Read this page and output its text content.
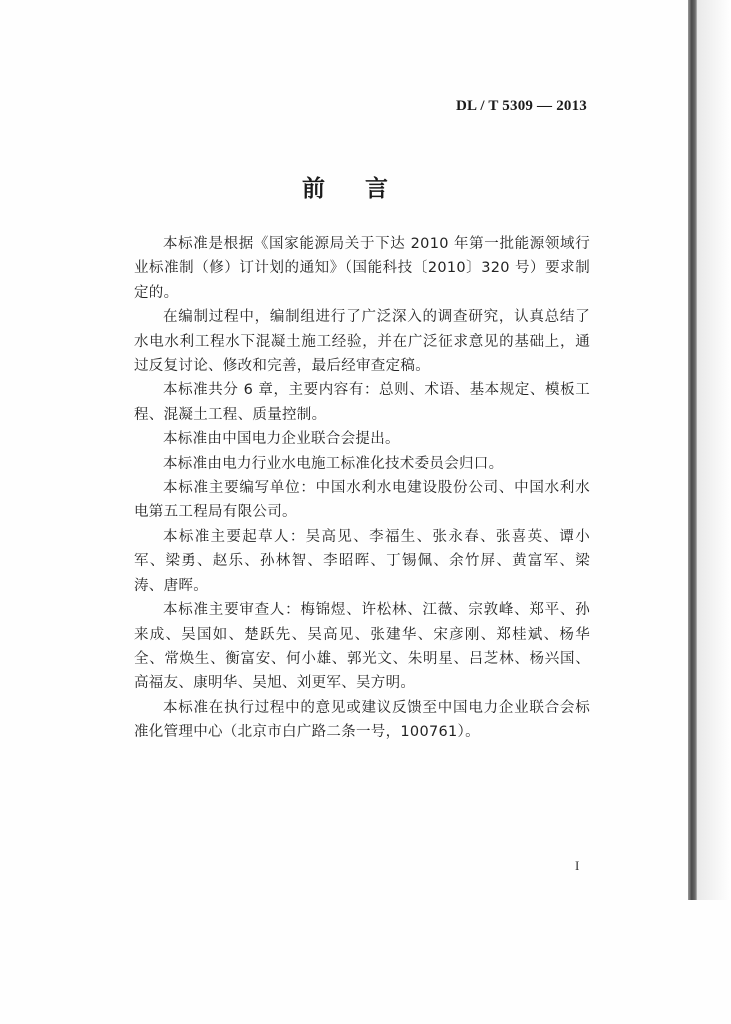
DL / T 5309 — 2013
前 言

本标准是根据《国家能源局关于下达 2010 年第一批能源领域行业标准制（修）订计划的通知》（国能科技〔2010〕320 号）要求制定的。

在编制过程中，编制组进行了广泛深入的调查研究，认真总结了水电水利工程水下混凝土施工经验，并在广泛征求意见的基础上，通过反复讨论、修改和完善，最后经审查定稿。

本标准共分 6 章，主要内容有：总则、术语、基本规定、模板工程、混凝土工程、质量控制。

本标准由中国电力企业联合会提出。

本标准由电力行业水电施工标准化技术委员会归口。

本标准主要编写单位：中国水利水电建设股份公司、中国水利水电第五工程局有限公司。

本标准主要起草人：吴高见、李福生、张永春、张喜英、谭小军、梁勇、赵乐、孙林智、李昭晖、丁锡佩、余竹屏、黄富军、梁涛、唐晖。

本标准主要审查人：梅锦煜、许松林、江薇、宗敦峰、郑平、孙来成、吴国如、楚跃先、吴高见、张建华、宋彦刚、郑桂斌、杨华全、常焕生、衡富安、何小雄、郭光文、朱明星、吕芝林、杨兴国、高福友、康明华、吴旭、刘更军、吴方明。

本标准在执行过程中的意见或建议反馈至中国电力企业联合会标准化管理中心（北京市白广路二条一号，100761）。

I
